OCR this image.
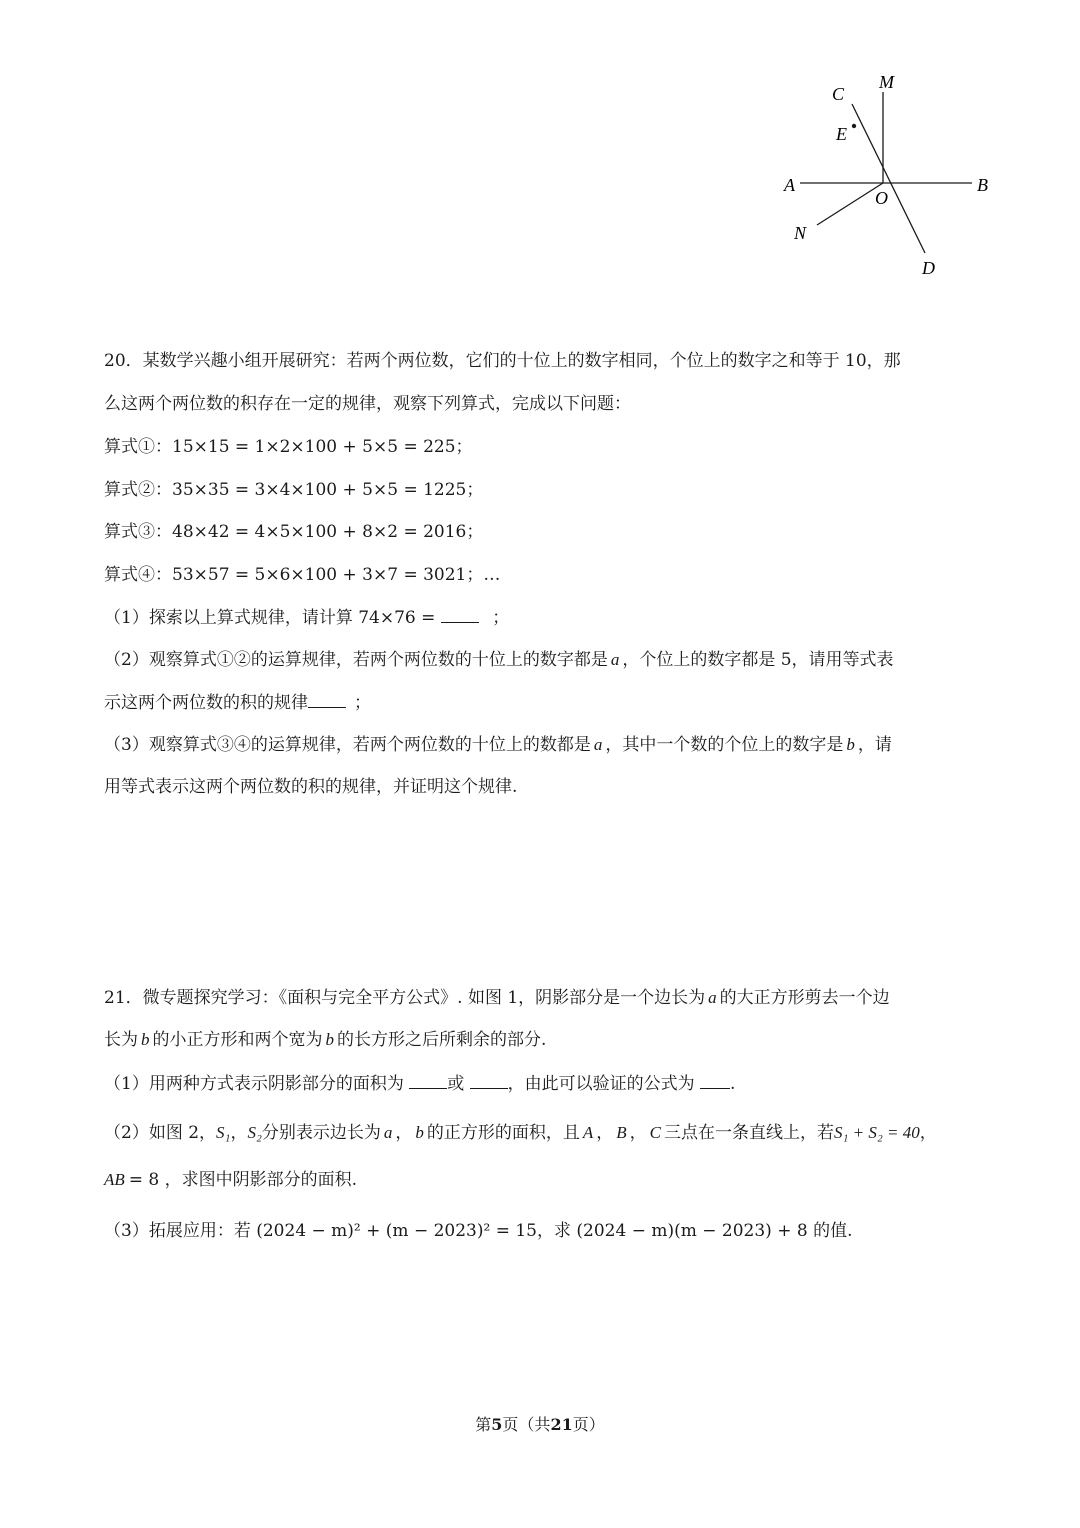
C
M
E
A	B
O
N
D
20．某数学兴趣小组开展研究：若两个两位数，它们的十位上的数字相同，个位上的数字之和等于 10，那
么这两个两位数的积存在一定的规律，观察下列算式，完成以下问题：
算式①：15×15 = 1×2×100 + 5×5 = 225；
算式②：35×35 = 3×4×100 + 5×5 = 1225；
算式③：48×42 = 4×5×100 + 8×2 = 2016；
算式④：53×57 = 5×6×100 + 3×7 = 3021；…
（1）探索以上算式规律，请计算 74×76 =	；
（2）观察算式①②的运算规律，若两个两位数的十位上的数字都是 a ，个位上的数字都是 5，请用等式表
示这两个两位数的积的规律	；
（3）观察算式③④的运算规律，若两个两位数的十位上的数都是 a ，其中一个数的个位上的数字是 b ，请
用等式表示这两个两位数的积的规律，并证明这个规律.
21．微专题探究学习：《面积与完全平方公式》. 如图 1，阴影部分是一个边长为 a 的大正方形剪去一个边
长为 b 的小正方形和两个宽为 b 的长方形之后所剩余的部分.
（1）用两种方式表示阴影部分的面积为	或	，由此可以验证的公式为 .
（2）如图 2，S₁，S₂分别表示边长为 a ， b 的正方形的面积，且 A ， B ， C 三点在一条直线上，若S₁ + S₂ = 40，
AB = 8 ，求图中阴影部分的面积.
（3）拓展应用：若 (2024 − m)² + (m − 2023)² = 15，求 (2024 − m)(m − 2023) + 8 的值.
第5页（共21页）
